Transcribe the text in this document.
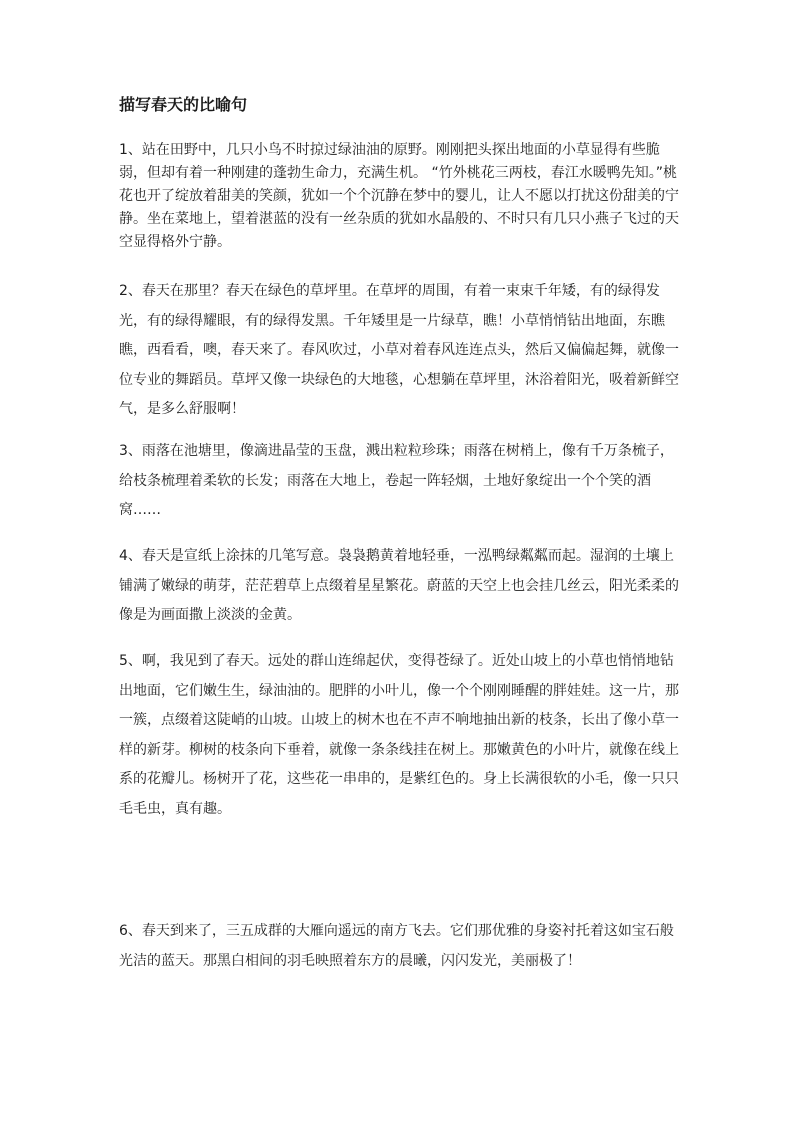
描写春天的比喻句

1、站在田野中，几只小鸟不时掠过绿油油的原野。刚刚把头探出地面的小草显得有些脆弱，但却有着一种刚建的蓬勃生命力，充满生机。 “竹外桃花三两枝，春江水暖鸭先知。”桃花也开了绽放着甜美的笑颜，犹如一个个沉静在梦中的婴儿，让人不愿以打扰这份甜美的宁静。坐在菜地上，望着湛蓝的没有一丝杂质的犹如水晶般的、不时只有几只小燕子飞过的天空显得格外宁静。

2、春天在那里？春天在绿色的草坪里。在草坪的周围，有着一束束千年矮，有的绿得发光，有的绿得耀眼，有的绿得发黑。千年矮里是一片绿草，瞧！小草悄悄钻出地面，东瞧瞧，西看看，噢，春天来了。春风吹过，小草对着春风连连点头，然后又偏偏起舞，就像一位专业的舞蹈员。草坪又像一块绿色的大地毯，心想躺在草坪里，沐浴着阳光，吸着新鲜空气，是多么舒服啊！

3、雨落在池塘里，像滴进晶莹的玉盘，溅出粒粒珍珠；雨落在树梢上，像有千万条梳子，给枝条梳理着柔软的长发；雨落在大地上，卷起一阵轻烟，土地好象绽出一个个笑的酒窝……

4、春天是宣纸上涂抹的几笔写意。袅袅鹅黄着地轻垂，一泓鸭绿粼粼而起。湿润的土壤上铺满了嫩绿的萌芽，茫茫碧草上点缀着星星繁花。蔚蓝的天空上也会挂几丝云，阳光柔柔的像是为画面撒上淡淡的金黄。

5、啊，我见到了春天。远处的群山连绵起伏，变得苍绿了。近处山坡上的小草也悄悄地钻出地面，它们嫩生生，绿油油的。肥胖的小叶儿，像一个个刚刚睡醒的胖娃娃。这一片，那一簇，点缀着这陡峭的山坡。山坡上的树木也在不声不响地抽出新的枝条，长出了像小草一样的新芽。柳树的枝条向下垂着，就像一条条线挂在树上。那嫩黄色的小叶片，就像在线上系的花瓣儿。杨树开了花，这些花一串串的，是紫红色的。身上长满很软的小毛，像一只只毛毛虫，真有趣。

6、春天到来了，三五成群的大雁向遥远的南方飞去。它们那优雅的身姿衬托着这如宝石般光洁的蓝天。那黑白相间的羽毛映照着东方的晨曦，闪闪发光，美丽极了！
